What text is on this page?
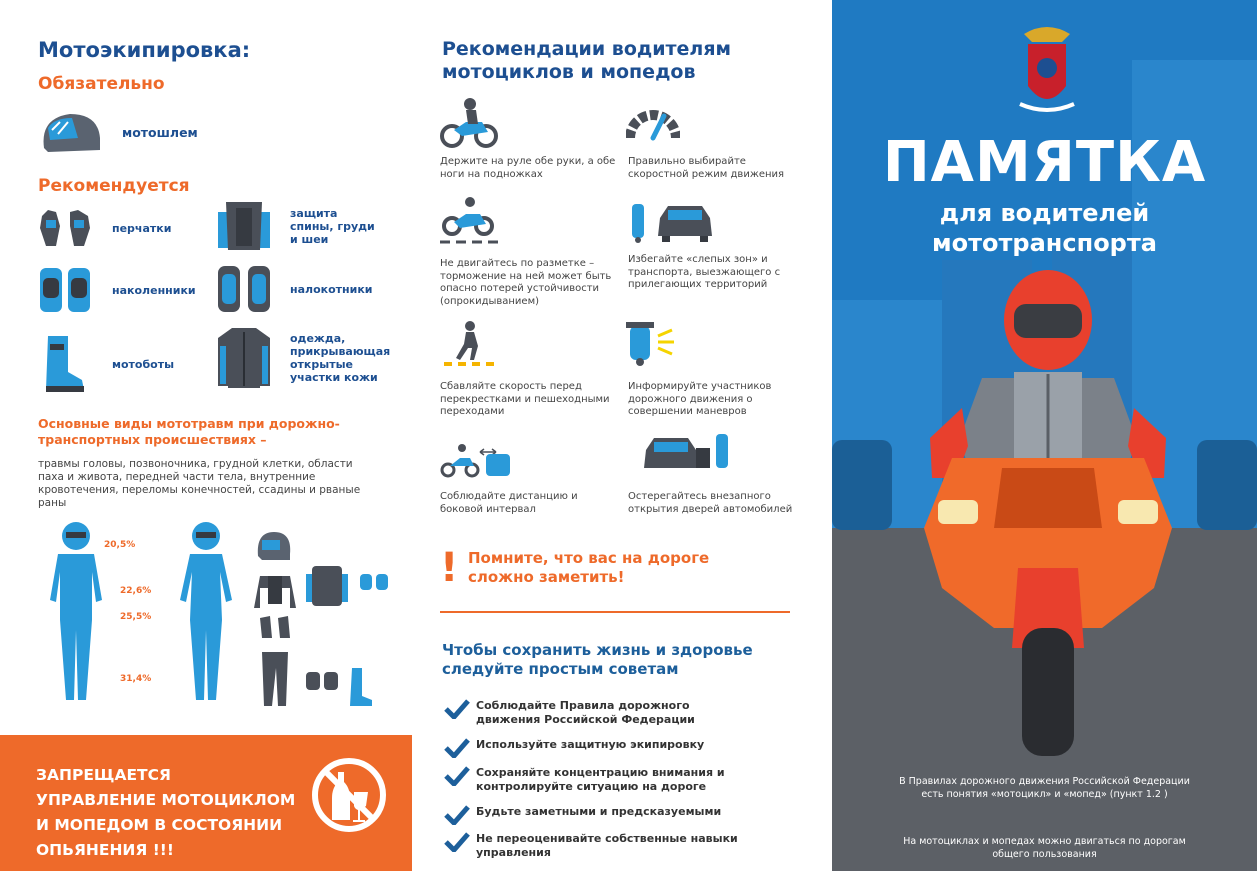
Мотоэкипировка:
Обязательно
мотошлем
Рекомендуется
перчатки
защита спины, груди и шеи
наколенники	налокотники
мотоботы
одежда, прикрывающая открытые участки кожи
Основные виды мототравм при дорожно-транспортных происшествиях –
травмы головы, позвоночника, грудной клетки, области паха и живота, передней части тела, внутренние кровотечения, переломы конечностей, ссадины и рваные раны
20,5%
22,6%
25,5%
31,4%
ЗАПРЕЩАЕТСЯ УПРАВЛЕНИЕ МОТОЦИКЛОМ И МОПЕДОМ В СОСТОЯНИИ ОПЬЯНЕНИЯ !!!
Рекомендации водителям мотоциклов и мопедов
Держите на руле обе руки, а обе ноги на подножках
Правильно выбирайте скоростной режим движения
Не двигайтесь по разметке – торможение на ней может быть опасно потерей устойчивости (опрокидыванием)
Избегайте «слепых зон» и транспорта, выезжающего с прилегающих территорий
Сбавляйте скорость перед перекрестками и пешеходными переходами
Информируйте участников дорожного движения о совершении маневров
Соблюдайте дистанцию и боковой интервал
Остерегайтесь внезапного открытия дверей автомобилей
! Помните, что вас на дороге сложно заметить!
Чтобы сохранить жизнь и здоровье следуйте простым советам
Соблюдайте Правила дорожного движения Российской Федерации
Используйте защитную экипировку
Сохраняйте концентрацию внимания и контролируйте ситуацию на дороге
Будьте заметными и предсказуемыми
Не переоценивайте собственные навыки управления
ПАМЯТКА
для водителей
мототранспорта
В Правилах дорожного движения Российской Федерации есть понятия «мотоцикл» и «мопед» (пункт 1.2 )
На мотоциклах и мопедах можно двигаться по дорогам общего пользования
